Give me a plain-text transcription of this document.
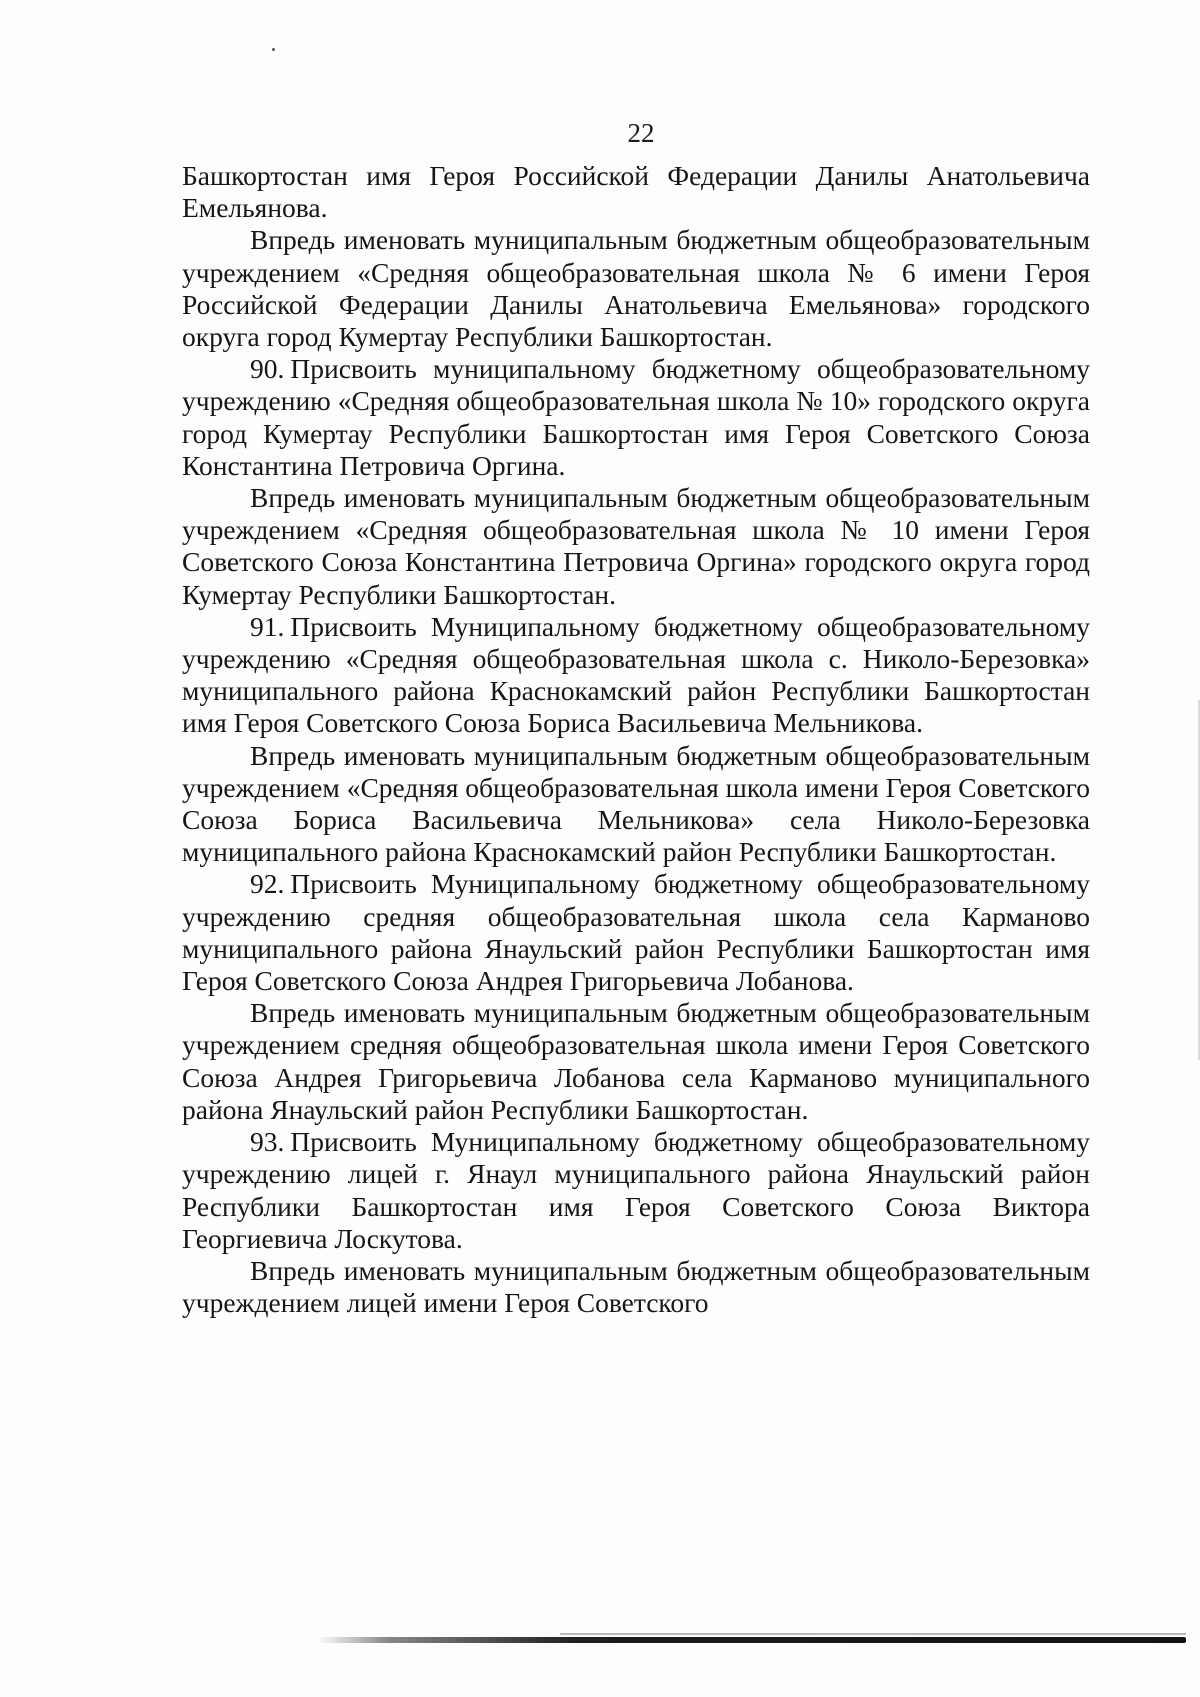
22

Башкортостан имя Героя Российской Федерации Данилы Анатольевича Емельянова.

Впредь именовать муниципальным бюджетным общеобразовательным учреждением «Средняя общеобразовательная школа № 6 имени Героя Российской Федерации Данилы Анатольевича Емельянова» городского округа город Кумертау Республики Башкортостан.

90. Присвоить муниципальному бюджетному общеобразовательному учреждению «Средняя общеобразовательная школа № 10» городского округа город Кумертау Республики Башкортостан имя Героя Советского Союза Константина Петровича Оргина.

Впредь именовать муниципальным бюджетным общеобразовательным учреждением «Средняя общеобразовательная школа № 10 имени Героя Советского Союза Константина Петровича Оргина» городского округа город Кумертау Республики Башкортостан.

91. Присвоить Муниципальному бюджетному общеобразовательному учреждению «Средняя общеобразовательная школа с. Николо-Березовка» муниципального района Краснокамский район Республики Башкортостан имя Героя Советского Союза Бориса Васильевича Мельникова.

Впредь именовать муниципальным бюджетным общеобразовательным учреждением «Средняя общеобразовательная школа имени Героя Советского Союза Бориса Васильевича Мельникова» села Николо-Березовка муниципального района Краснокамский район Республики Башкортостан.

92. Присвоить Муниципальному бюджетному общеобразовательному учреждению средняя общеобразовательная школа села Карманово муниципального района Янаульский район Республики Башкортостан имя Героя Советского Союза Андрея Григорьевича Лобанова.

Впредь именовать муниципальным бюджетным общеобразовательным учреждением средняя общеобразовательная школа имени Героя Советского Союза Андрея Григорьевича Лобанова села Карманово муниципального района Янаульский район Республики Башкортостан.

93. Присвоить Муниципальному бюджетному общеобразовательному учреждению лицей г. Янаул муниципального района Янаульский район Республики Башкортостан имя Героя Советского Союза Виктора Георгиевича Лоскутова.

Впредь именовать муниципальным бюджетным общеобразовательным учреждением лицей имени Героя Советского
